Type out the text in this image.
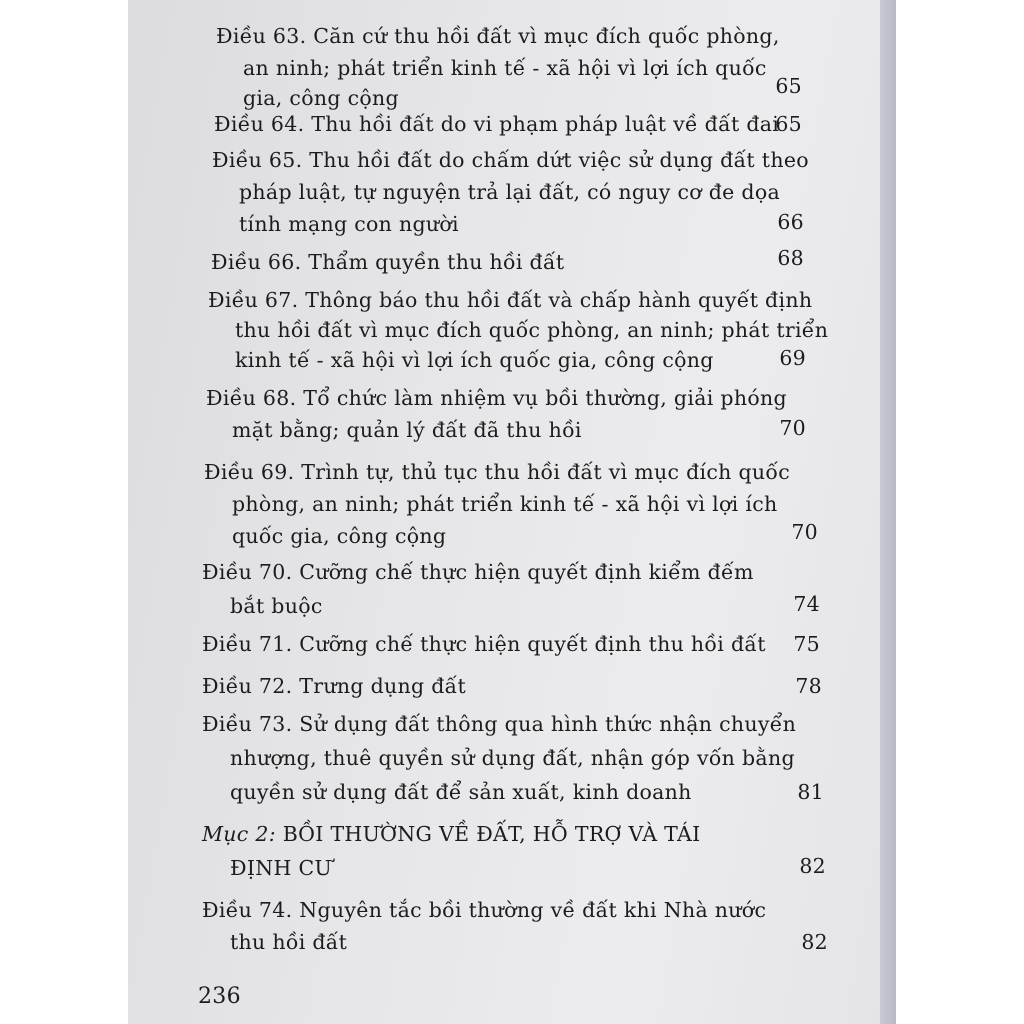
Điều 63. Căn cứ thu hồi đất vì mục đích quốc phòng,
an ninh; phát triển kinh tế - xã hội vì lợi ích quốc
gia, công cộng	65
Điều 64. Thu hồi đất do vi phạm pháp luật về đất đai
65
Điều 65. Thu hồi đất do chấm dứt việc sử dụng đất theo
pháp luật, tự nguyện trả lại đất, có nguy cơ đe dọa
tính mạng con người	66
Điều 66. Thẩm quyền thu hồi đất	68
Điều 67. Thông báo thu hồi đất và chấp hành quyết định
thu hồi đất vì mục đích quốc phòng, an ninh; phát triển
kinh tế - xã hội vì lợi ích quốc gia, công cộng	69
Điều 68. Tổ chức làm nhiệm vụ bồi thường, giải phóng
mặt bằng; quản lý đất đã thu hồi	70
Điều 69. Trình tự, thủ tục thu hồi đất vì mục đích quốc
phòng, an ninh; phát triển kinh tế - xã hội vì lợi ích
quốc gia, công cộng	70
Điều 70. Cưỡng chế thực hiện quyết định kiểm đếm
bắt buộc	74
Điều 71. Cưỡng chế thực hiện quyết định thu hồi đất	75
Điều 72. Trưng dụng đất	78
Điều 73. Sử dụng đất thông qua hình thức nhận chuyển
nhượng, thuê quyền sử dụng đất, nhận góp vốn bằng
quyền sử dụng đất để sản xuất, kinh doanh	81
Mục 2: BỒI THƯỜNG VỀ ĐẤT, HỖ TRỢ VÀ TÁI
ĐỊNH CƯ	82
Điều 74. Nguyên tắc bồi thường về đất khi Nhà nước
thu hồi đất	82
236
